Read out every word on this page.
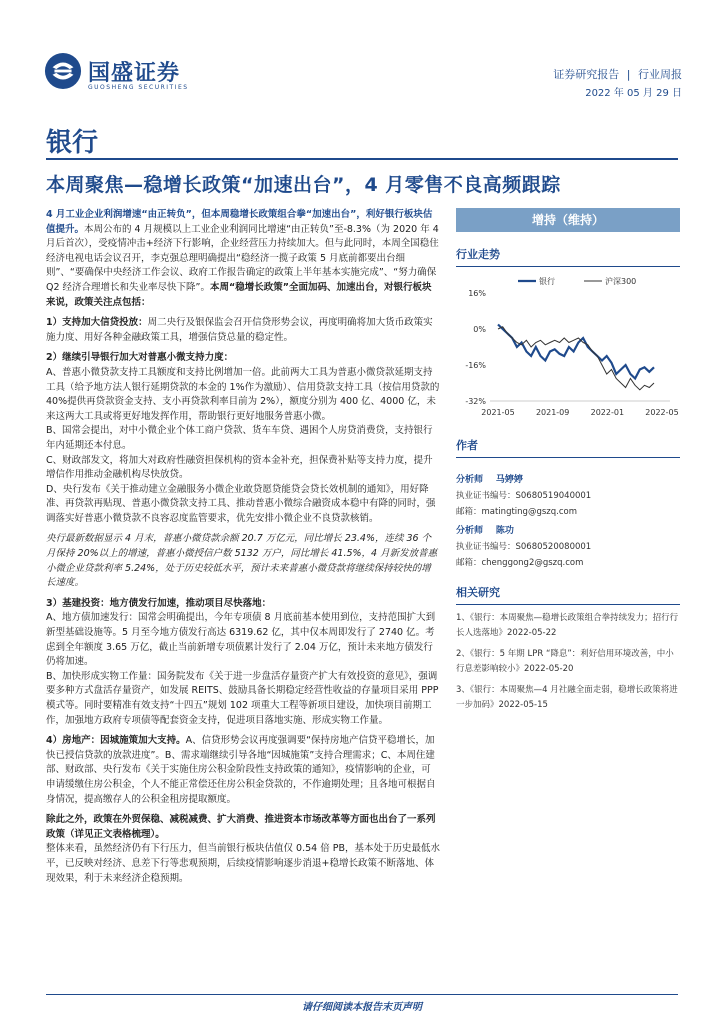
国盛证券
GUOSHENG SECURITIES
证券研究报告 | 行业周报
2022 年 05 月 29 日
银行
本周聚焦—稳增长政策“加速出台”，4 月零售不良高频跟踪

4 月工业企业利润增速“由正转负”，但本周稳增长政策组合拳“加速出台”，利好银行板块估值提升。本周公布的 4 月规模以上工业企业利润同比增速“由正转负”至-8.3%（为 2020 年 4 月后首次），受疫情冲击+经济下行影响，企业经营压力持续加大。但与此同时，本周全国稳住经济电视电话会议召开，李克强总理明确提出“稳经济一揽子政策 5 月底前都要出台细则”、“要确保中央经济工作会议、政府工作报告确定的政策上半年基本实施完成”、“努力确保 Q2 经济合理增长和失业率尽快下降”。本周“稳增长政策”全面加码、加速出台，对银行板块来说，政策关注点包括：

1）支持加大信贷投放：周二央行及银保监会召开信贷形势会议，再度明确将加大货币政策实施力度、用好各种金融政策工具，增强信贷总量的稳定性。

2）继续引导银行加大对普惠小微支持力度：
A、普惠小微贷款支持工具额度和支持比例增加一倍。此前两大工具为普惠小微贷款延期支持工具（给予地方法人银行延期贷款的本金的 1%作为激励）、信用贷款支持工具（按信用贷款的 40%提供再贷款资金支持、支小再贷款利率目前为 2%），额度分别为 400 亿、4000 亿，未来这两大工具或将更好地发挥作用，帮助银行更好地服务普惠小微。
B、国常会提出，对中小微企业个体工商户贷款、货车车贷、遇困个人房贷消费贷，支持银行年内延期还本付息。
C、财政部发文，将加大对政府性融资担保机构的资本金补充，担保费补贴等支持力度，提升增信作用推动金融机构尽快放贷。
D、央行发布《关于推动建立金融服务小微企业敢贷愿贷能贷会贷长效机制的通知》，用好降准、再贷款再贴现、普惠小微贷款支持工具、推动普惠小微综合融资成本稳中有降的同时，强调落实好普惠小微贷款不良容忍度监管要求，优先安排小微企业不良贷款核销。

央行最新数据显示 4 月末，普惠小微贷款余额 20.7 万亿元，同比增长 23.4%，连续 36 个月保持 20%以上的增速，普惠小微授信户数 5132 万户，同比增长 41.5%，4 月新发放普惠小微企业贷款利率 5.24%，处于历史较低水平，预计未来普惠小微贷款将继续保持较快的增长速度。

3）基建投资：地方债发行加速，推动项目尽快落地：
A、地方债加速发行：国常会明确提出，今年专项债 8 月底前基本使用到位，支持范围扩大到新型基础设施等。5 月至今地方债发行高达 6319.62 亿，其中仅本周即发行了 2740 亿。考虑到全年额度 3.65 万亿，截止当前新增专项债累计发行了 2.04 万亿，预计未来地方债发行仍将加速。
B、加快形成实物工作量：国务院发布《关于进一步盘活存量资产扩大有效投资的意见》，强调要多种方式盘活存量资产，如发展 REITS、鼓励具备长期稳定经营性收益的存量项目采用 PPP 模式等。同时要精准有效支持“十四五”规划 102 项重大工程等新项目建设，加快项目前期工作，加强地方政府专项债等配套资金支持，促进项目落地实施、形成实物工作量。

4）房地产：因城施策加大支持。A、信贷形势会议再度强调要“保持房地产信贷平稳增长，加快已授信贷款的放款进度”。B、需求端继续引导各地“因城施策”支持合理需求；C、本周住建部、财政部、央行发布《关于实施住房公积金阶段性支持政策的通知》，疫情影响的企业，可申请缓缴住房公积金，个人不能正常偿还住房公积金贷款的，不作逾期处理；且各地可根据自身情况，提高缴存人的公积金租房提取额度。

除此之外，政策在外贸保稳、减税减费、扩大消费、推进资本市场改革等方面也出台了一系列政策（详见正文表格梳理）。
整体来看，虽然经济仍有下行压力，但当前银行板块估值仅 0.54 倍 PB，基本处于历史最低水平，已反映对经济、息差下行等悲观预期，后续疫情影响逐步消退+稳增长政策不断落地、体现效果，利于未来经济企稳预期。

增持（维持）
行业走势
16%
0%
-16%
-32%
2021-05	2021-09	2022-01	2022-05
银行	沪深300
作者
分析师 马婷婷
执业证书编号：S0680519040001
邮箱：matingting@gszq.com
分析师 陈功
执业证书编号：S0680520080001
邮箱：chenggong2@gszq.com
相关研究
1、《银行：本周聚焦—稳增长政策组合拳持续发力；招行行长人选落地》2022-05-22
2、《银行：5 年期 LPR “降息”：利好信用环境改善，中小行息差影响较小》2022-05-20
3、《银行：本周聚焦—4 月社融全面走弱，稳增长政策将进一步加码》2022-05-15
请仔细阅读本报告末页声明
